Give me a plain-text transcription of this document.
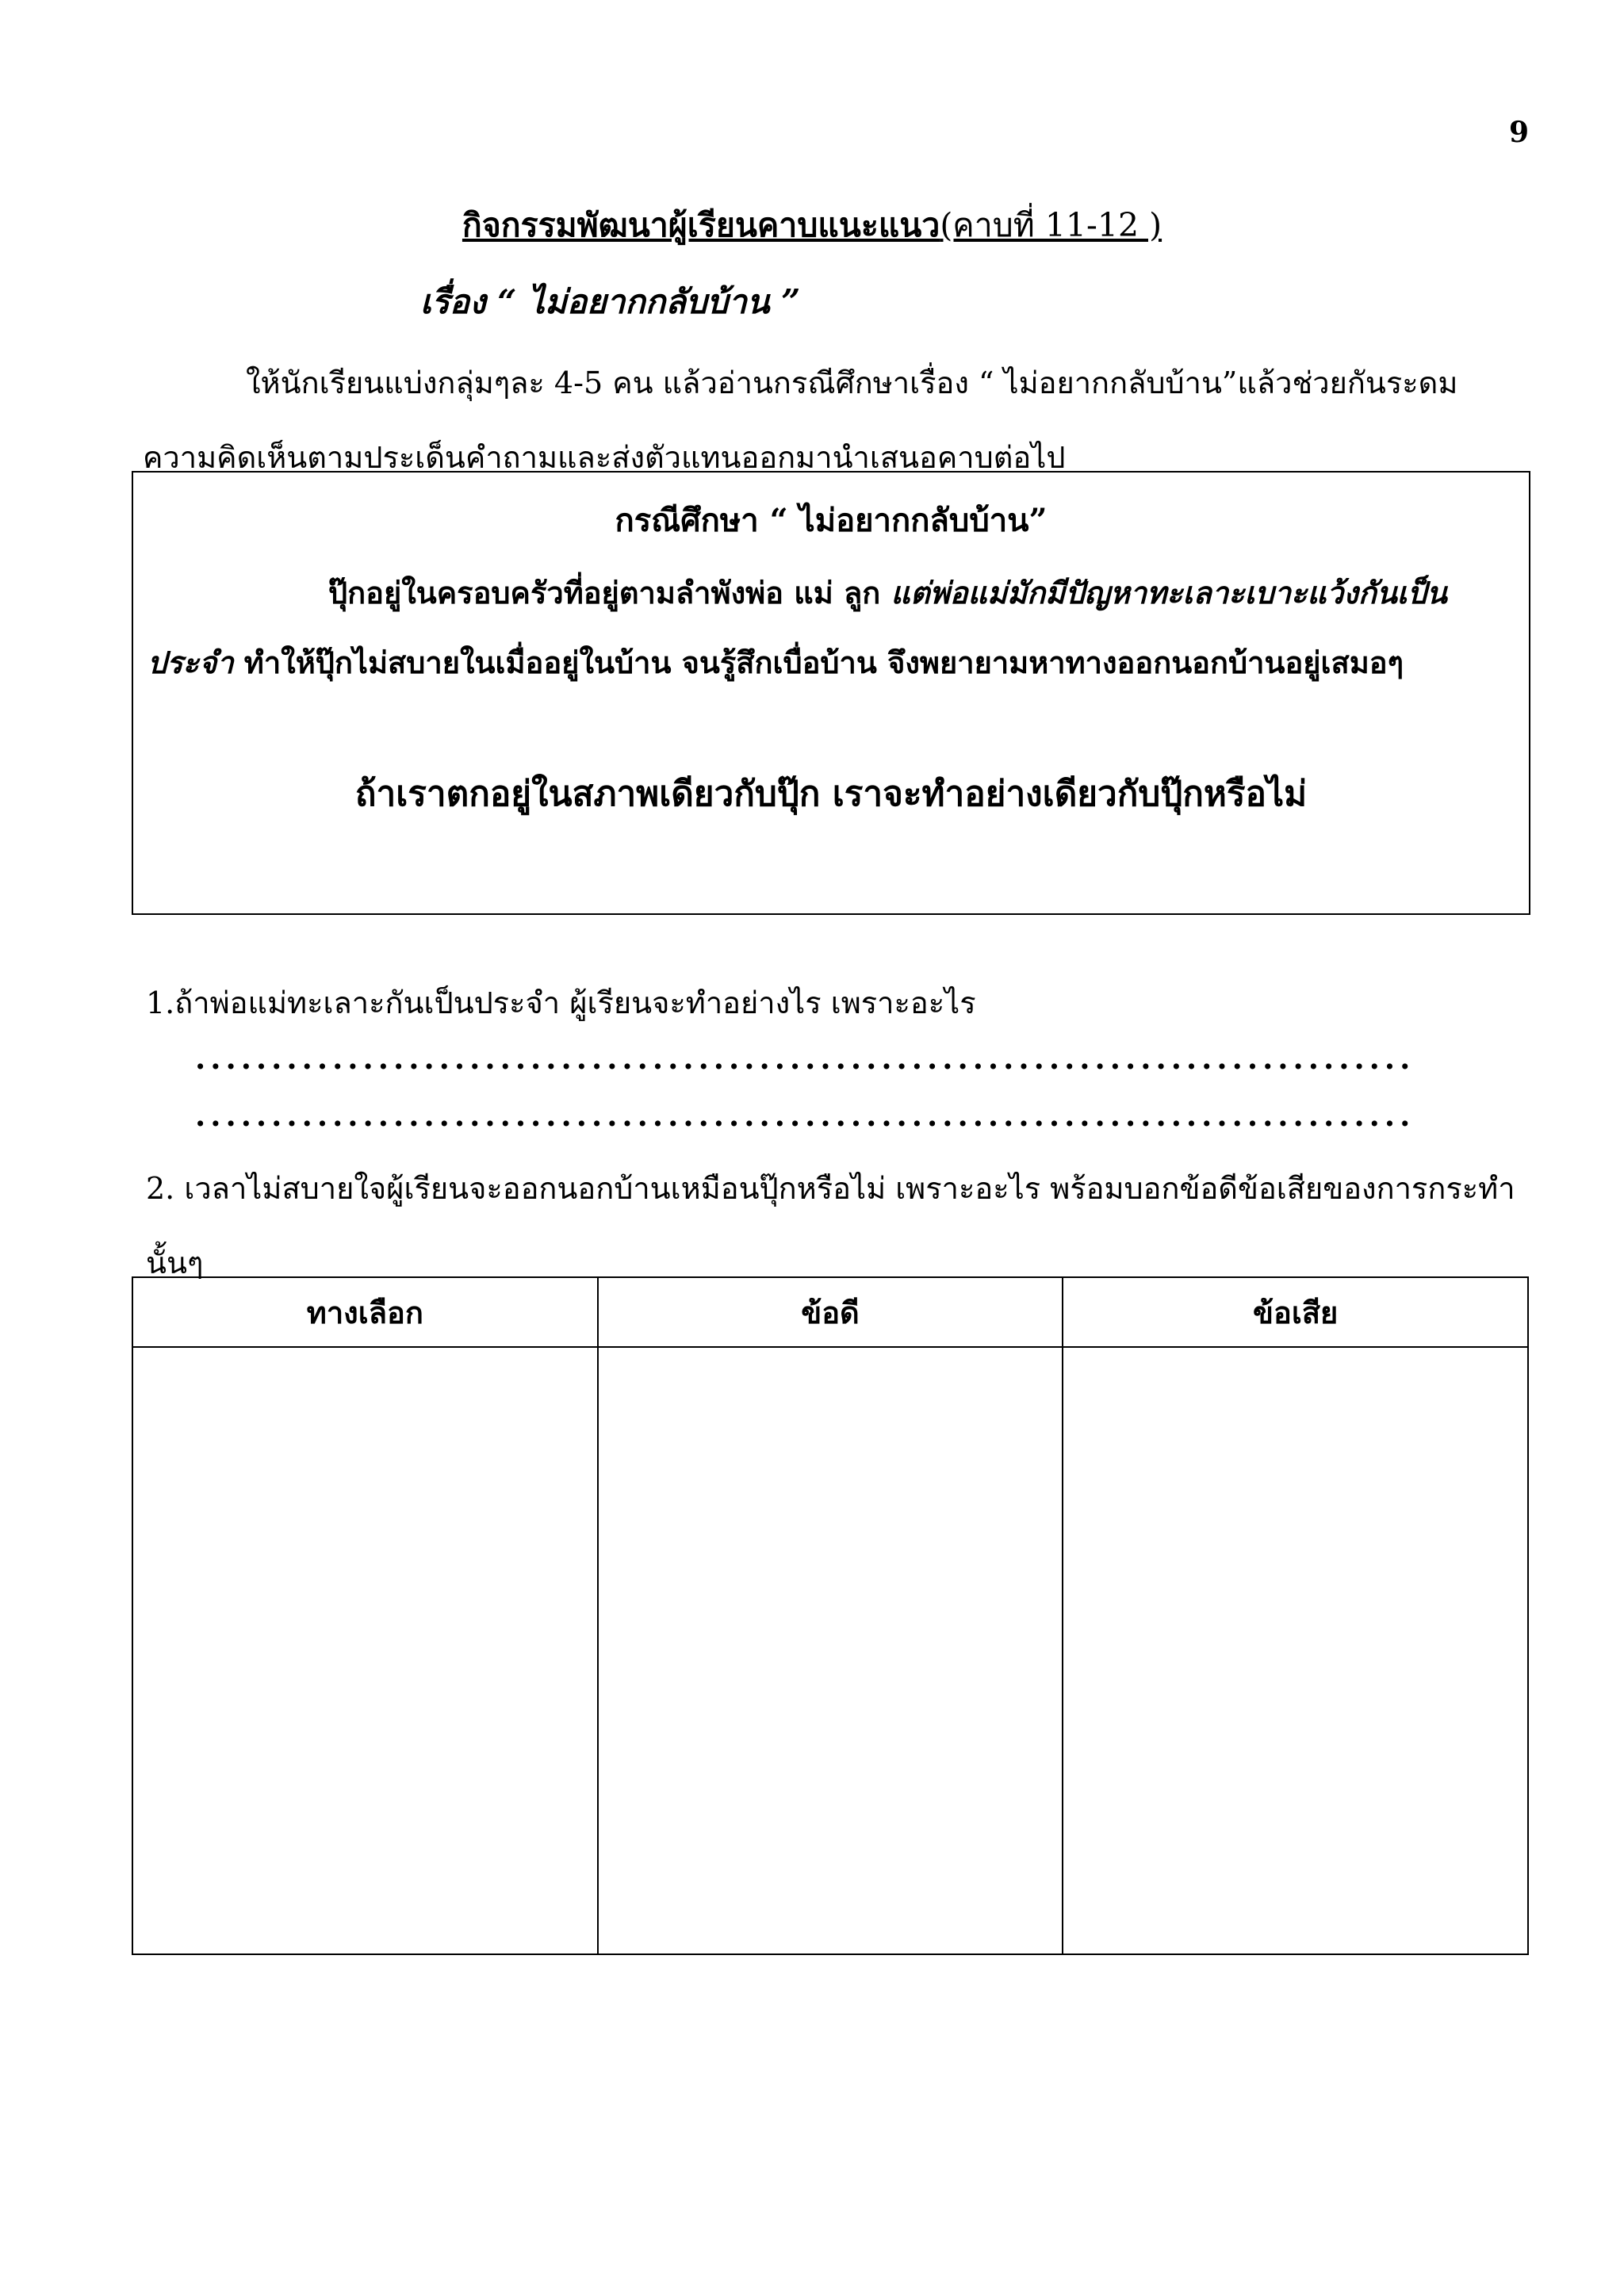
9
กิจกรรมพัฒนาผู้เรียนคาบแนะแนว(คาบที่ 11-12 )
เรื่อง “ ไม่อยากกลับบ้าน ”
ให้นักเรียนแบ่งกลุ่มๆละ 4-5 คน แล้วอ่านกรณีศึกษาเรื่อง “ ไม่อยากกลับบ้าน”แล้วช่วยกันระดมความคิดเห็นตามประเด็นคำถามและส่งตัวแทนออกมานำเสนอคาบต่อไป
กรณีศึกษา “ ไม่อยากกลับบ้าน”
ปุ๊กอยู่ในครอบครัวที่อยู่ตามลำพังพ่อ แม่ ลูก แต่พ่อแม่มักมีปัญหาทะเลาะเบาะแว้งกันเป็นประจำ ทำให้ปุ๊กไม่สบายในเมื่ออยู่ในบ้าน จนรู้สึกเบื่อบ้าน จึงพยายามหาทางออกนอกบ้านอยู่เสมอๆ
ถ้าเราตกอยู่ในสภาพเดียวกับปุ๊ก เราจะทำอย่างเดียวกับปุ๊กหรือไม่
1.ถ้าพ่อแม่ทะเลาะกันเป็นประจำ ผู้เรียนจะทำอย่างไร เพราะอะไร
................................................................................
................................................................................
2. เวลาไม่สบายใจผู้เรียนจะออกนอกบ้านเหมือนปุ๊กหรือไม่ เพราะอะไร พร้อมบอกข้อดีข้อเสียของการกระทำนั้นๆ
ทางเลือก	ข้อดี	ข้อเสีย
